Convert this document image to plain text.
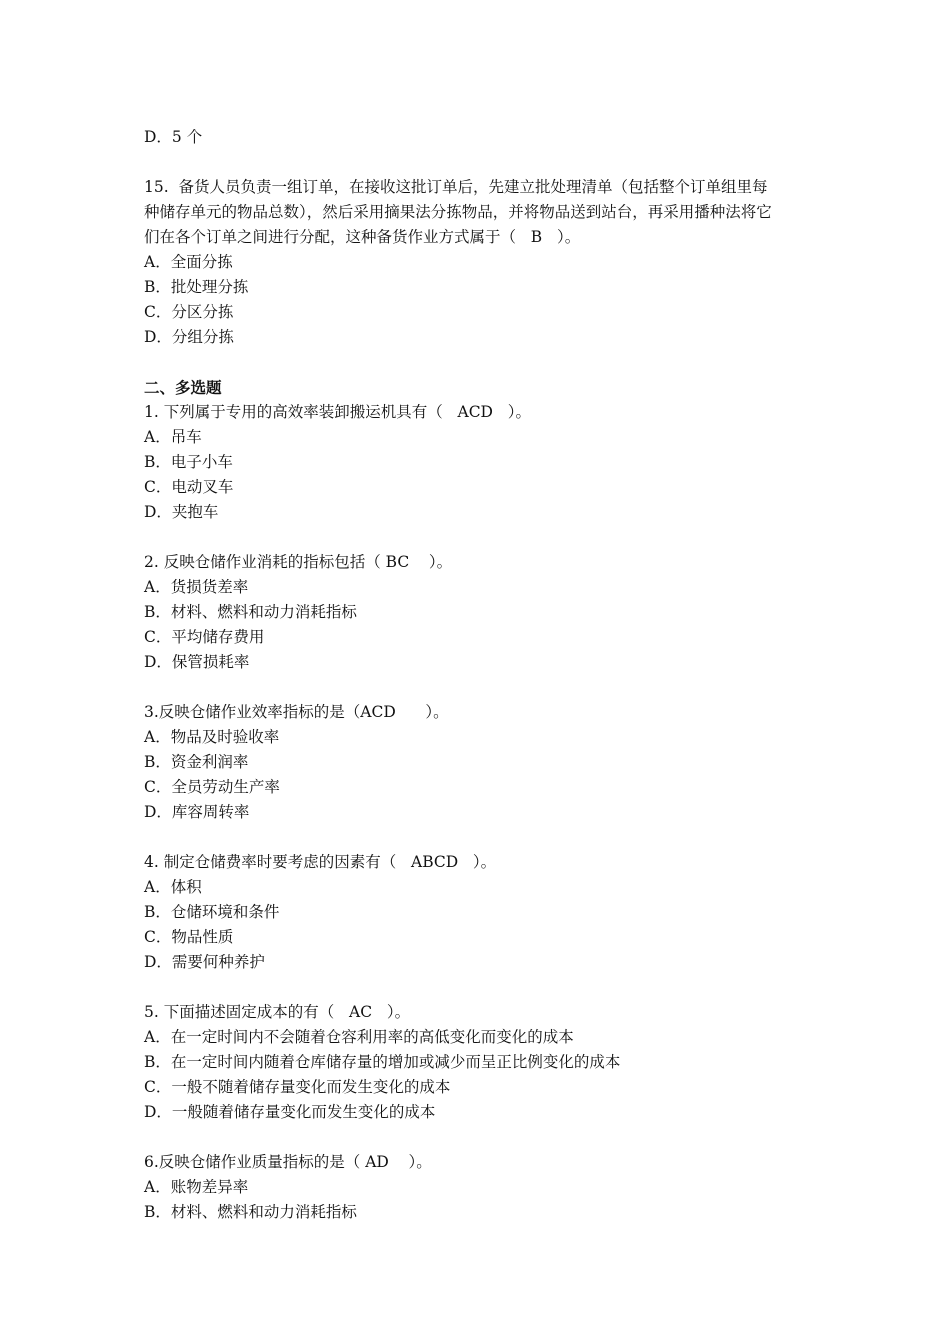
D．5 个
15.  备货人员负责一组订单，在接收这批订单后，先建立批处理清单（包括整个订单组里每
种储存单元的物品总数），然后采用摘果法分拣物品，并将物品送到站台，再采用播种法将它
们在各个订单之间进行分配，这种备货作业方式属于（   B   ）。
A．全面分拣
B．批处理分拣
C．分区分拣
D．分组分拣
二、多选题
1. 下列属于专用的高效率装卸搬运机具有（   ACD   ）。
A．吊车
B．电子小车
C．电动叉车
D．夹抱车
2. 反映仓储作业消耗的指标包括（ BC    ）。
A．货损货差率
B．材料、燃料和动力消耗指标
C．平均储存费用
D．保管损耗率
3.反映仓储作业效率指标的是（ACD      ）。
A．物品及时验收率
B．资金利润率
C．全员劳动生产率
D．库容周转率
4. 制定仓储费率时要考虑的因素有（   ABCD   ）。
A．体积
B．仓储环境和条件
C．物品性质
D．需要何种养护
5. 下面描述固定成本的有（   AC   ）。
A．在一定时间内不会随着仓容利用率的高低变化而变化的成本
B．在一定时间内随着仓库储存量的增加或减少而呈正比例变化的成本
C．一般不随着储存量变化而发生变化的成本
D．一般随着储存量变化而发生变化的成本
6.反映仓储作业质量指标的是（ AD    ）。
A．账物差异率
B．材料、燃料和动力消耗指标
